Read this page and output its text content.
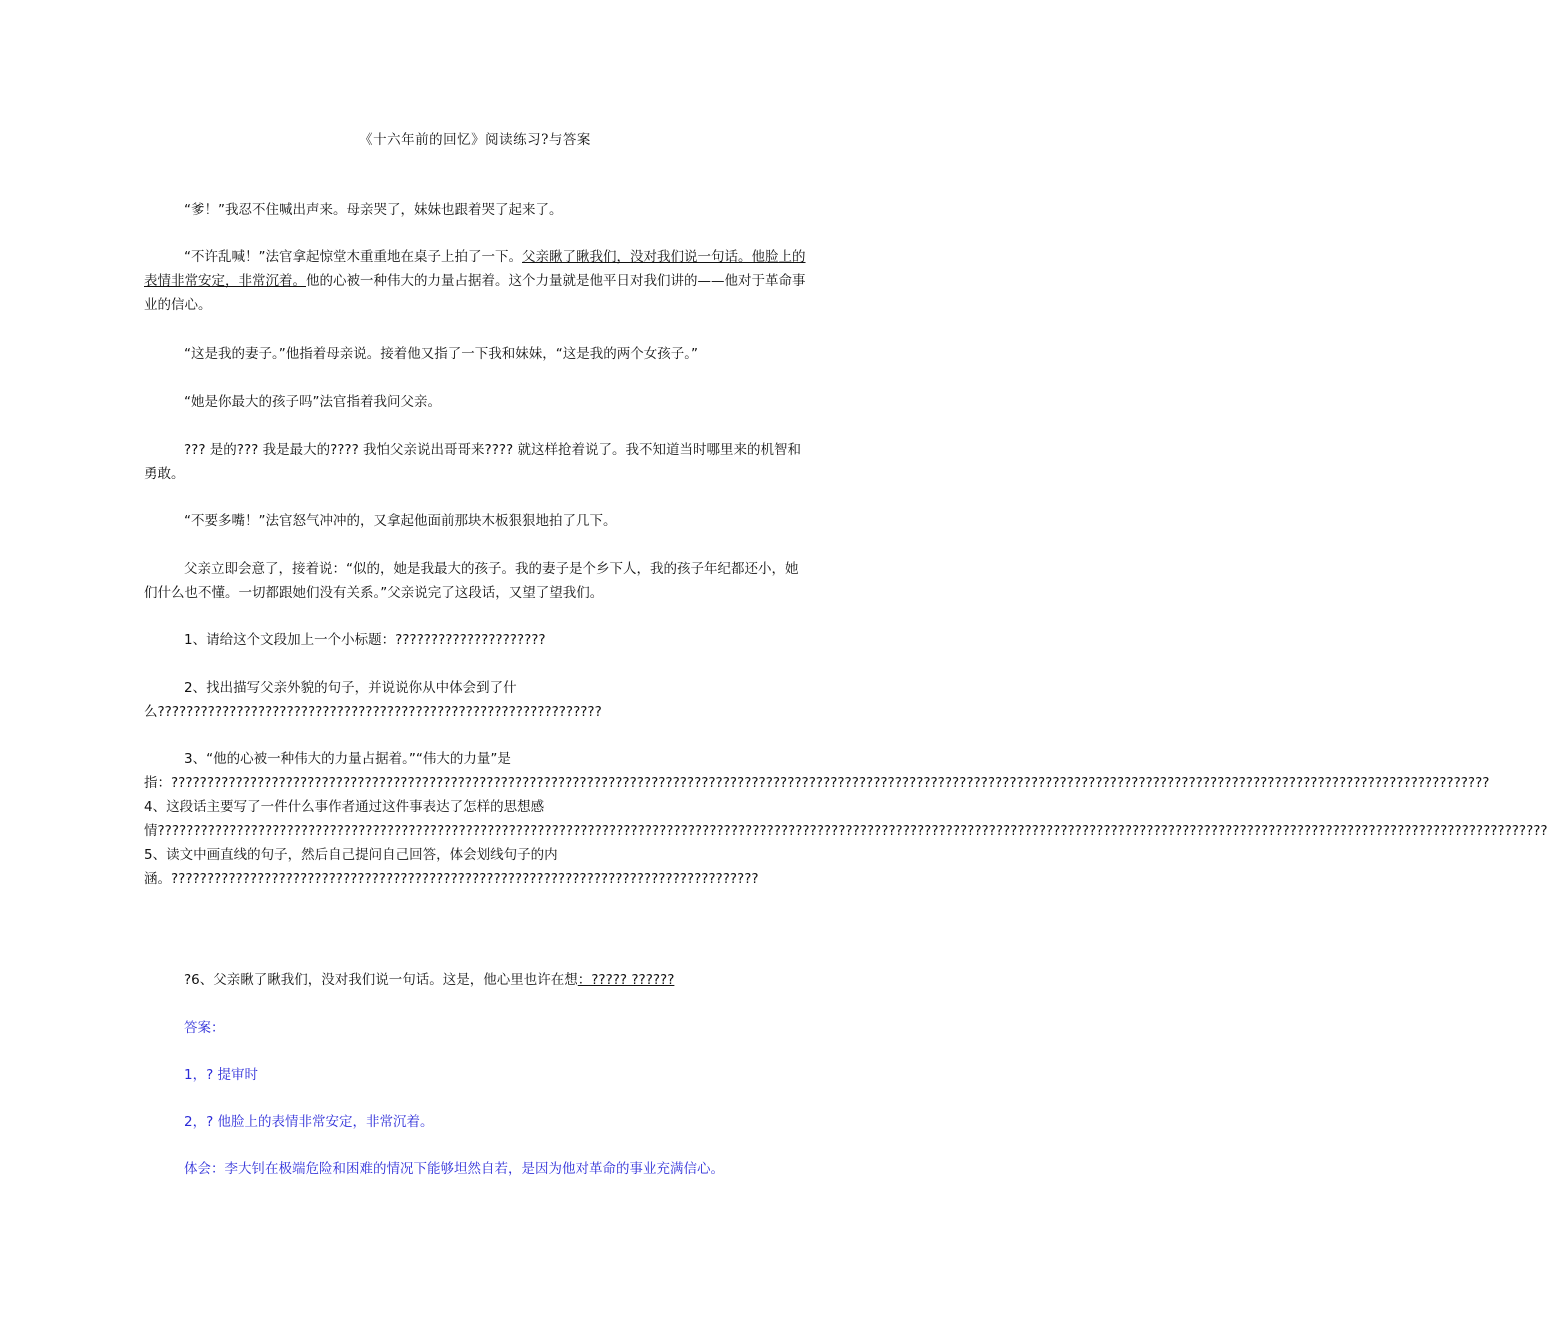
《十六年前的回忆》阅读练习?与答案

“爹！”我忍不住喊出声来。母亲哭了，妹妹也跟着哭了起来了。

“不许乱喊！”法官拿起惊堂木重重地在桌子上拍了一下。父亲瞅了瞅我们，没对我们说一句话。他脸上的表情非常安定，非常沉着。他的心被一种伟大的力量占据着。这个力量就是他平日对我们讲的——他对于革命事业的信心。

“这是我的妻子。”他指着母亲说。接着他又指了一下我和妹妹，“这是我的两个女孩子。”

“她是你最大的孩子吗”法官指着我问父亲。

??? 是的??? 我是最大的???? 我怕父亲说出哥哥来???? 就这样抢着说了。我不知道当时哪里来的机智和勇敢。

“不要多嘴！”法官怒气冲冲的，又拿起他面前那块木板狠狠地拍了几下。

父亲立即会意了，接着说：“似的，她是我最大的孩子。我的妻子是个乡下人，我的孩子年纪都还小，她们什么也不懂。一切都跟她们没有关系。”父亲说完了这段话，又望了望我们。

1、请给这个文段加上一个小标题：?????????????????????

2、找出描写父亲外貌的句子，并说说你从中体会到了什么??????????????????????????????????????????????????????????????

3、“他的心被一种伟大的力量占据着。”“伟大的力量”是指：????????????????????????????????????????????????????????????????????????????????????????????????????????????????????????????????????????????????????????????????????????????????????????4、这段话主要写了一件什么事作者通过这件事表达了怎样的思想感情??????????????????????????????????????????????????????????????????????????????????????????????????????????????????????????????????????????????????????????????????????????????????????????????????5、读文中画直线的句子，然后自己提问自己回答，体会划线句子的内涵。??????????????????????????????????????????????????????????????????????????????????

?6、父亲瞅了瞅我们，没对我们说一句话。这是，他心里也许在想：????? ??????

答案：

1，? 提审时

2，? 他脸上的表情非常安定，非常沉着。

体会：李大钊在极端危险和困难的情况下能够坦然自若，是因为他对革命的事业充满信心。
